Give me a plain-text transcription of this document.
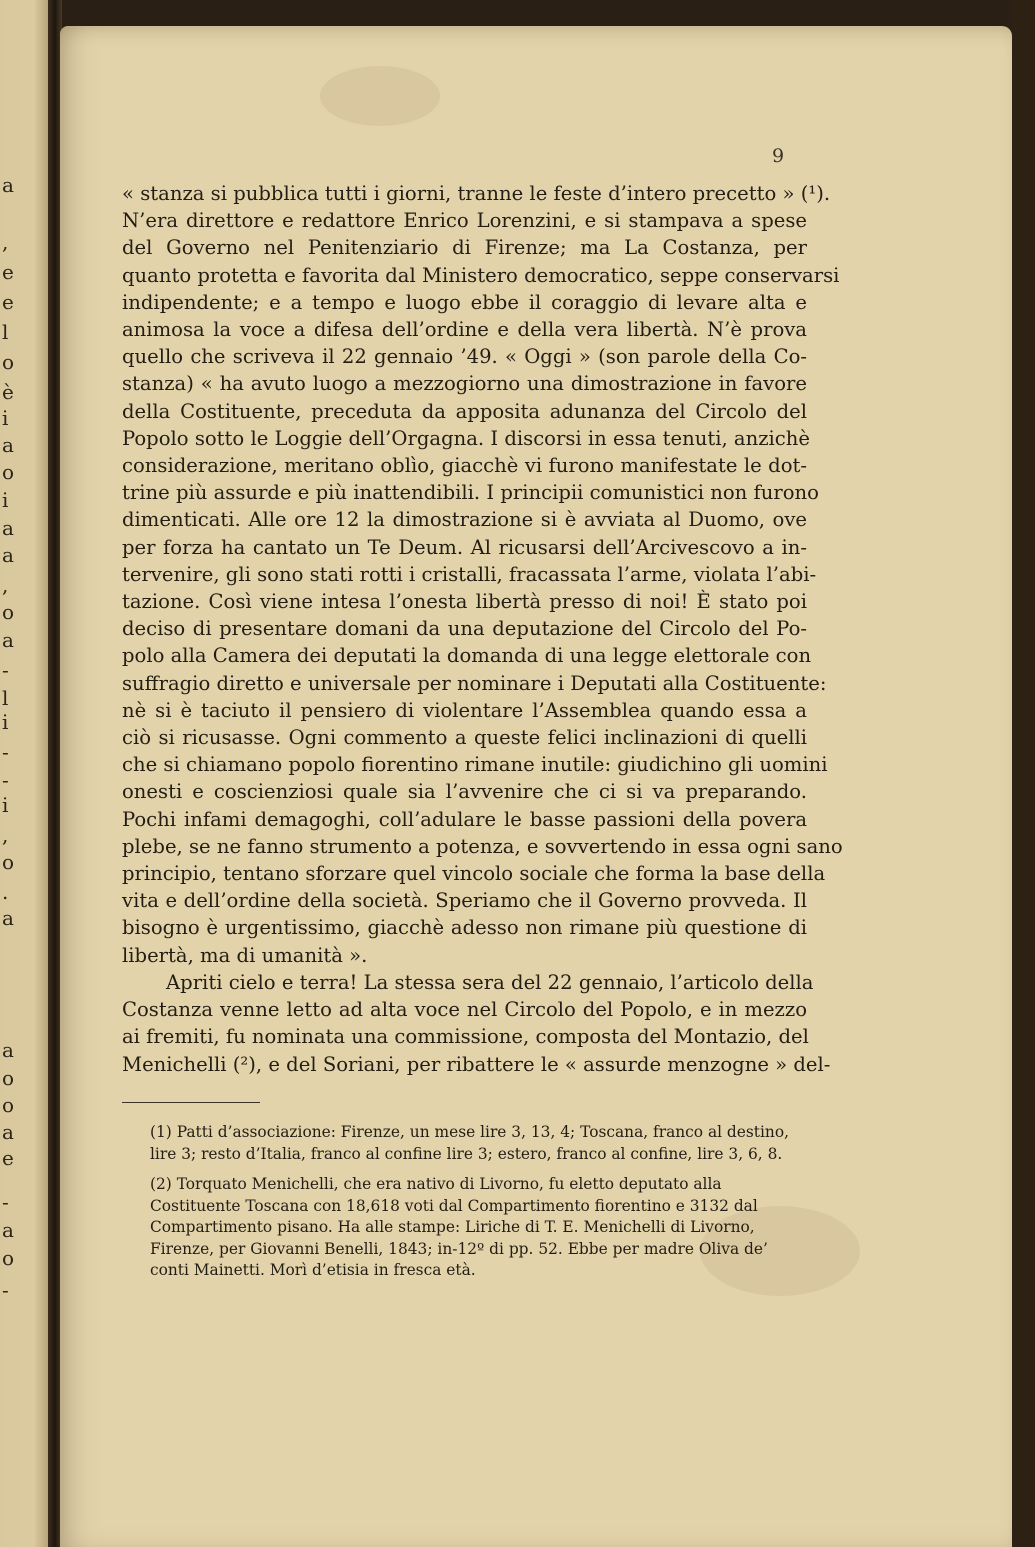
a
,
e
e
l
o
è
i
a
o
i
a
a
,
o
a
-
l
i
-
-
i
,
o
.
a
a
o
o
a
e
-
a
o
-
9
« stanza si pubblica tutti i giorni, tranne le feste d’intero precetto » (¹).
N’era direttore e redattore Enrico Lorenzini, e si stampava a spese
del Governo nel Penitenziario di Firenze; ma La Costanza, per
quanto protetta e favorita dal Ministero democratico, seppe conservarsi
indipendente; e a tempo e luogo ebbe il coraggio di levare alta e
animosa la voce a difesa dell’ordine e della vera libertà. N’è prova
quello che scriveva il 22 gennaio ’49. « Oggi » (son parole della Co-
stanza) « ha avuto luogo a mezzogiorno una dimostrazione in favore
della Costituente, preceduta da apposita adunanza del Circolo del
Popolo sotto le Loggie dell’Orgagna. I discorsi in essa tenuti, anzichè
considerazione, meritano oblìo, giacchè vi furono manifestate le dot-
trine più assurde e più inattendibili. I principii comunistici non furono
dimenticati. Alle ore 12 la dimostrazione si è avviata al Duomo, ove
per forza ha cantato un Te Deum. Al ricusarsi dell’Arcivescovo a in-
tervenire, gli sono stati rotti i cristalli, fracassata l’arme, violata l’abi-
tazione. Così viene intesa l’onesta libertà presso di noi! È stato poi
deciso di presentare domani da una deputazione del Circolo del Po-
polo alla Camera dei deputati la domanda di una legge elettorale con
suffragio diretto e universale per nominare i Deputati alla Costituente:
nè si è taciuto il pensiero di violentare l’Assemblea quando essa a
ciò si ricusasse. Ogni commento a queste felici inclinazioni di quelli
che si chiamano popolo fiorentino rimane inutile: giudichino gli uomini
onesti e coscienziosi quale sia l’avvenire che ci si va preparando.
Pochi infami demagoghi, coll’adulare le basse passioni della povera
plebe, se ne fanno strumento a potenza, e sovvertendo in essa ogni sano
principio, tentano sforzare quel vincolo sociale che forma la base della
vita e dell’ordine della società. Speriamo che il Governo provveda. Il
bisogno è urgentissimo, giacchè adesso non rimane più questione di
libertà, ma di umanità ».
Apriti cielo e terra! La stessa sera del 22 gennaio, l’articolo della
Costanza venne letto ad alta voce nel Circolo del Popolo, e in mezzo
ai fremiti, fu nominata una commissione, composta del Montazio, del
Menichelli (²), e del Soriani, per ribattere le « assurde menzogne » del-
(1) Patti d’associazione: Firenze, un mese lire 3, 13, 4; Toscana, franco al destino, lire 3; resto d’Italia, franco al confine lire 3; estero, franco al confine, lire 3, 6, 8.
(2) Torquato Menichelli, che era nativo di Livorno, fu eletto deputato alla Costituente Toscana con 18,618 voti dal Compartimento fiorentino e 3132 dal Compartimento pisano. Ha alle stampe: Liriche di T. E. Menichelli di Livorno, Firenze, per Giovanni Benelli, 1843; in-12º di pp. 52. Ebbe per madre Oliva de’ conti Mainetti. Morì d’etisia in fresca età.
